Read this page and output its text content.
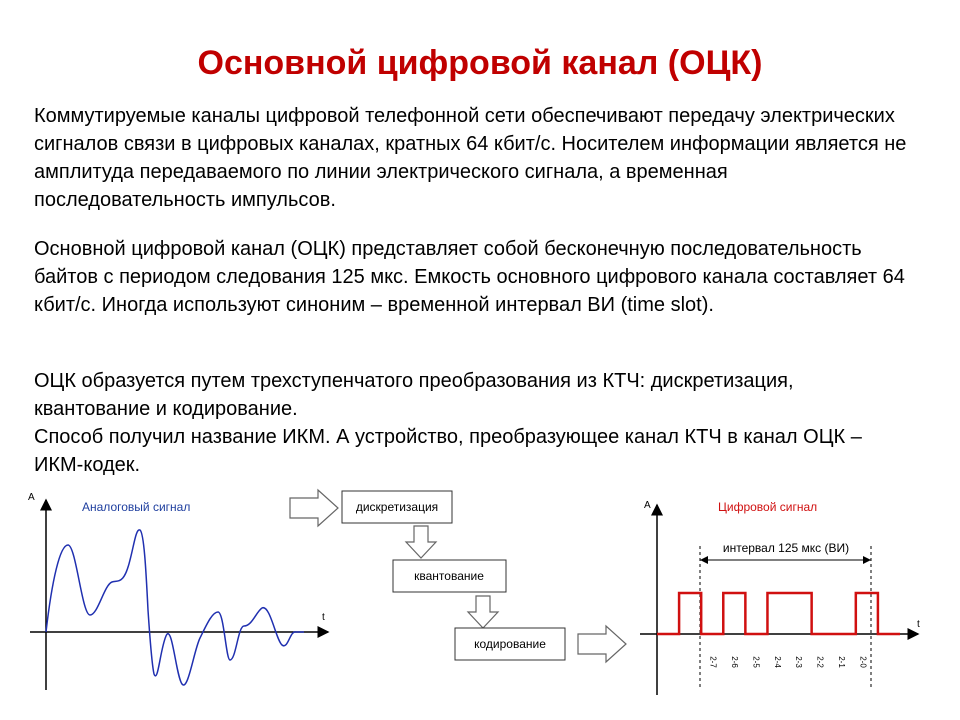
Основной цифровой канал (ОЦК)

Коммутируемые каналы цифровой телефонной сети обеспечивают передачу электрических сигналов связи в цифровых каналах, кратных 64 кбит/с. Носителем информации является не амплитуда передаваемого по линии электрического сигнала, а временная последовательность импульсов.

Основной цифровой канал (ОЦК) представляет собой бесконечную последовательность байтов с периодом следования 125 мкс. Емкость основного цифрового канала составляет 64 кбит/с. Иногда используют синоним – временной интервал ВИ (time slot).

ОЦК образуется путем трехступенчатого преобразования из КТЧ: дискретизация, квантование и кодирование.

Способ получил название ИКМ. А устройство, преобразующее канал КТЧ в канал ОЦК – ИКМ-кодек.

A
t
Аналоговый сигнал	дискретизация
квантование
кодирование
A
t
Цифровой сигнал
интервал 125 мкс (ВИ)
2-7 2-6 2-5 2-4 2-3 2-2 2-1 2-0
